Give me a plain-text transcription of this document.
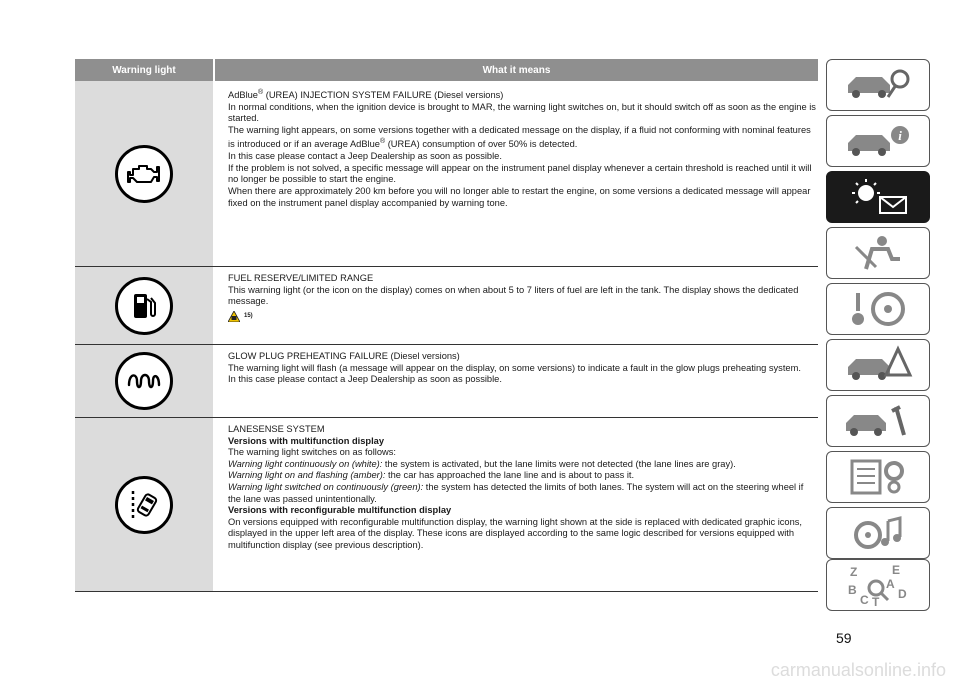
Warning light	What it means

AdBlue® (UREA) INJECTION SYSTEM FAILURE (Diesel versions)

In normal conditions, when the ignition device is brought to MAR, the warning light switches on, but it should switch off as soon as the engine is started.

The warning light appears, on some versions together with a dedicated message on the display, if a fluid not conforming with nominal features is introduced or if an average AdBlue® (UREA) consumption of over 50% is detected.

In this case please contact a Jeep Dealership as soon as possible.

If the problem is not solved, a specific message will appear on the instrument panel display whenever a certain threshold is reached until it will no longer be possible to start the engine.

When there are approximately 200 km before you will no longer able to restart the engine, on some versions a dedicated message will appear fixed on the instrument panel display accompanied by warning tone.

FUEL RESERVE/LIMITED RANGE

This warning light (or the icon on the display) comes on when about 5 to 7 liters of fuel are left in the tank. The display shows the dedicated message.

15)

GLOW PLUG PREHEATING FAILURE (Diesel versions)

The warning light will flash (a message will appear on the display, on some versions) to indicate a fault in the glow plugs preheating system.

In this case please contact a Jeep Dealership as soon as possible.

LANESENSE SYSTEM

Versions with multifunction display

The warning light switches on as follows:

Warning light continuously on (white): the system is activated, but the lane limits were not detected (the lane lines are gray).

Warning light on and flashing (amber): the car has approached the lane line and is about to pass it.

Warning light switched on continuously (green): the system has detected the limits of both lanes. The system will act on the steering wheel if the lane was passed unintentionally.

Versions with reconfigurable multifunction display

On versions equipped with reconfigurable multifunction display, the warning light shown at the side is replaced with dedicated graphic icons, displayed in the upper left area of the display. These icons are displayed according to the same logic described for versions equipped with multifunction display (see previous description).

i
Z	E
B A
C T
D
59
carmanualsonline.info
